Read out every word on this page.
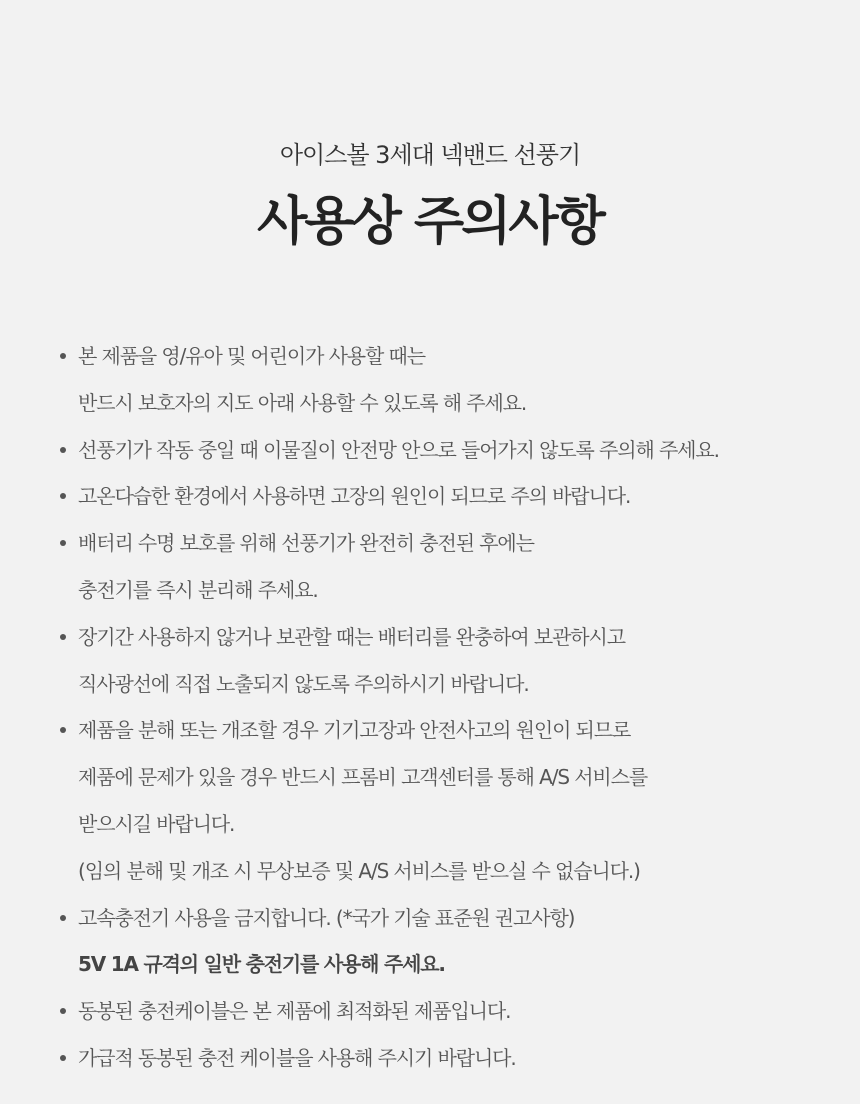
아이스볼 3세대 넥밴드 선풍기
사용상 주의사항
본 제품을 영/유아 및 어린이가 사용할 때는
반드시 보호자의 지도 아래 사용할 수 있도록 해 주세요.
선풍기가 작동 중일 때 이물질이 안전망 안으로 들어가지 않도록 주의해 주세요.
고온다습한 환경에서 사용하면 고장의 원인이 되므로 주의 바랍니다.
배터리 수명 보호를 위해 선풍기가 완전히 충전된 후에는
충전기를 즉시 분리해 주세요.
장기간 사용하지 않거나 보관할 때는 배터리를 완충하여 보관하시고
직사광선에 직접 노출되지 않도록 주의하시기 바랍니다.
제품을 분해 또는 개조할 경우 기기고장과 안전사고의 원인이 되므로
제품에 문제가 있을 경우 반드시 프롬비 고객센터를 통해 A/S 서비스를
받으시길 바랍니다.
(임의 분해 및 개조 시 무상보증 및 A/S 서비스를 받으실 수 없습니다.)
고속충전기 사용을 금지합니다. (*국가 기술 표준원 권고사항)
5V 1A 규격의 일반 충전기를 사용해 주세요.
동봉된 충전케이블은 본 제품에 최적화된 제품입니다.
가급적 동봉된 충전 케이블을 사용해 주시기 바랍니다.
